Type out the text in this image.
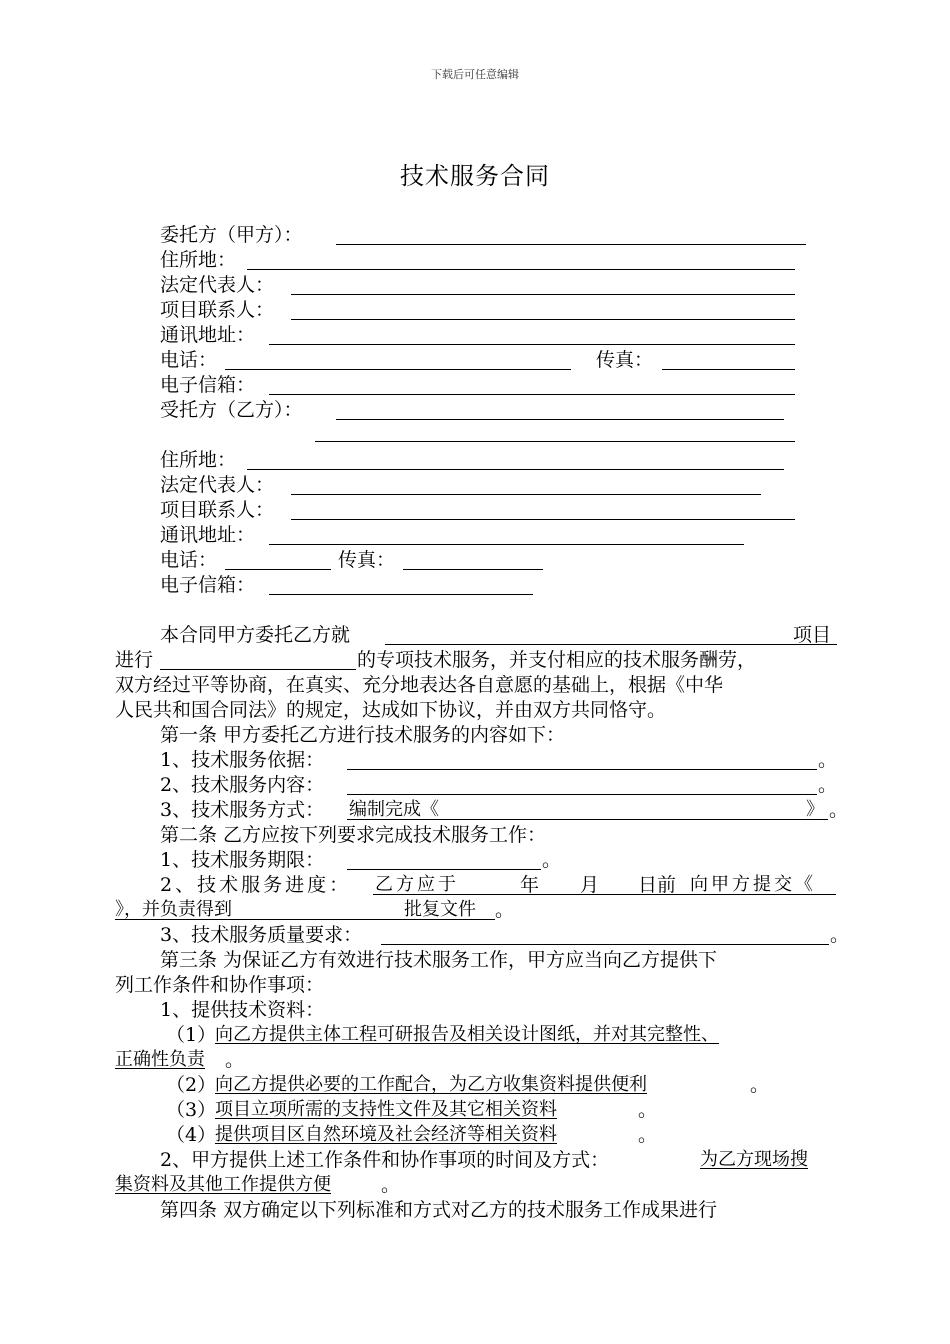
下载后可任意编辑
技术服务合同
委托方（甲方）：
住所地：
法定代表人：
项目联系人：
通讯地址：
电话：	传真：
电子信箱：
受托方（乙方）：
住所地：
法定代表人：
项目联系人：
通讯地址：
电话：	传真：
电子信箱：
本合同甲方委托乙方就	项目
进行	的专项技术服务，并支付相应的技术服务酬劳，
双方经过平等协商，在真实、充分地表达各自意愿的基础上，根据《中华
人民共和国合同法》的规定，达成如下协议，并由双方共同恪守。
第一条 甲方委托乙方进行技术服务的内容如下：
1、技术服务依据：	。
2、技术服务内容：	。
3、技术服务方式： 编制完成《	》 。
第二条 乙方应按下列要求完成技术服务工作：
1、技术服务期限：	。
2、技术服务进度： 乙方应于	年 月 日前 向甲方提交《
》，并负责得到	批复文件 。
3、技术服务质量要求：	。
第三条 为保证乙方有效进行技术服务工作，甲方应当向乙方提供下
列工作条件和协作事项：
1、提供技术资料：
（1）
向乙方提供主体工程可研报告及相关设计图纸，并对其完整性、
正确性负责 。
（2）
向乙方提供必要的工作配合，为乙方收集资料提供便利	。
（3）
项目立项所需的支持性文件及其它相关资料	。
（4）
提供项目区自然环境及社会经济等相关资料	。
2、甲方提供上述工作条件和协作事项的时间及方式：	为乙方现场搜
集资料及其他工作提供方便	。
第四条 双方确定以下列标准和方式对乙方的技术服务工作成果进行
